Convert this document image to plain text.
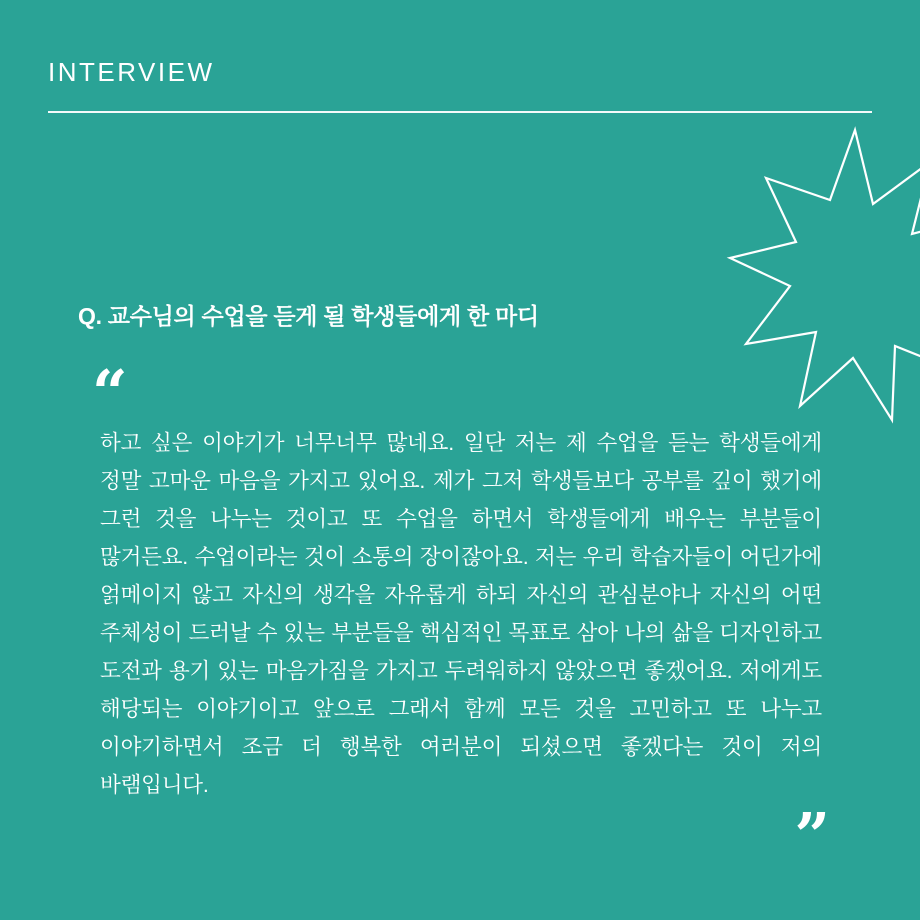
INTERVIEW
Q. 교수님의 수업을 듣게 될 학생들에게 한 마디
“
하고 싶은 이야기가 너무너무 많네요. 일단 저는 제 수업을 듣는 학생들에게 정말 고마운 마음을 가지고 있어요. 제가 그저 학생들보다 공부를 깊이 했기에 그런 것을 나누는 것이고 또 수업을 하면서 학생들에게 배우는 부분들이 많거든요. 수업이라는 것이 소통의 장이잖아요. 저는 우리 학습자들이 어딘가에 얽메이지 않고 자신의 생각을 자유롭게 하되 자신의 관심분야나 자신의 어떤 주체성이 드러날 수 있는 부분들을 핵심적인 목표로 삼아 나의 삶을 디자인하고 도전과 용기 있는 마음가짐을 가지고 두려워하지 않았으면 좋겠어요. 저에게도 해당되는 이야기이고 앞으로 그래서 함께 모든 것을 고민하고 또 나누고 이야기하면서 조금 더 행복한 여러분이 되셨으면 좋겠다는 것이 저의 바램입니다.
”
